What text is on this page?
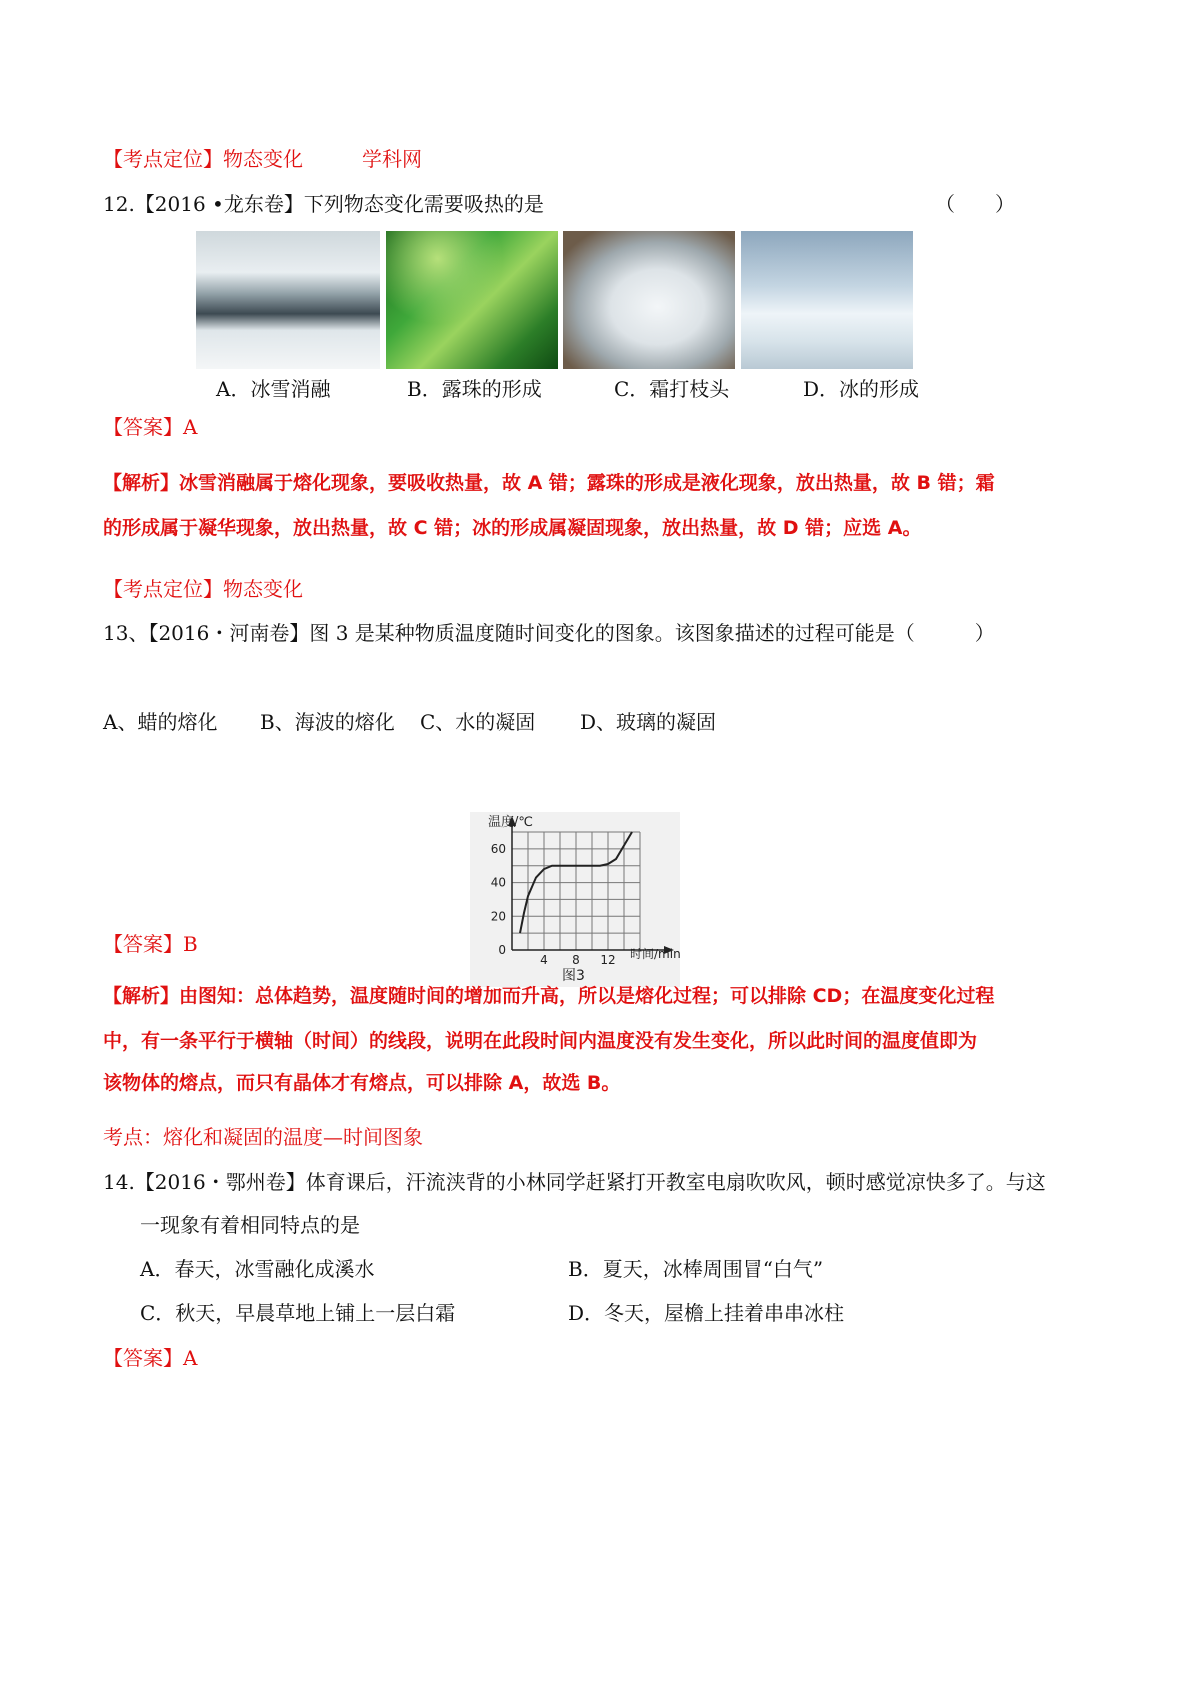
【考点定位】物态变化	学科网
12.【2016 •龙东卷】下列物态变化需要吸热的是	（　　）
A．冰雪消融	B．露珠的形成	C．霜打枝头	D．冰的形成
【答案】A
【解析】冰雪消融属于熔化现象，要吸收热量，故 A 错；露珠的形成是液化现象，放出热量，故 B 错；霜
的形成属于凝华现象，放出热量，故 C 错；冰的形成属凝固现象，放出热量，故 D 错；应选 A。
【考点定位】物态变化
13、【2016・河南卷】图 3 是某种物质温度随时间变化的图象。该图象描述的过程可能是（　　　）
A、蜡的熔化 B、海波的熔化 C、水的凝固 D、玻璃的凝固
0
20
40
60
4 8 12
温度/℃
时间/min
图3
【答案】B
【解析】由图知：总体趋势，温度随时间的增加而升高，所以是熔化过程；可以排除 CD；在温度变化过程
中，有一条平行于横轴（时间）的线段，说明在此段时间内温度没有发生变化，所以此时间的温度值即为
该物体的熔点，而只有晶体才有熔点，可以排除 A，故选 B。
考点：熔化和凝固的温度—时间图象
14.【2016・鄂州卷】体育课后，汗流浃背的小林同学赶紧打开教室电扇吹吹风，顿时感觉凉快多了。与这
一现象有着相同特点的是
A．春天，冰雪融化成溪水	B．夏天，冰棒周围冒“白气”
C．秋天，早晨草地上铺上一层白霜	D．冬天，屋檐上挂着串串冰柱
【答案】A
